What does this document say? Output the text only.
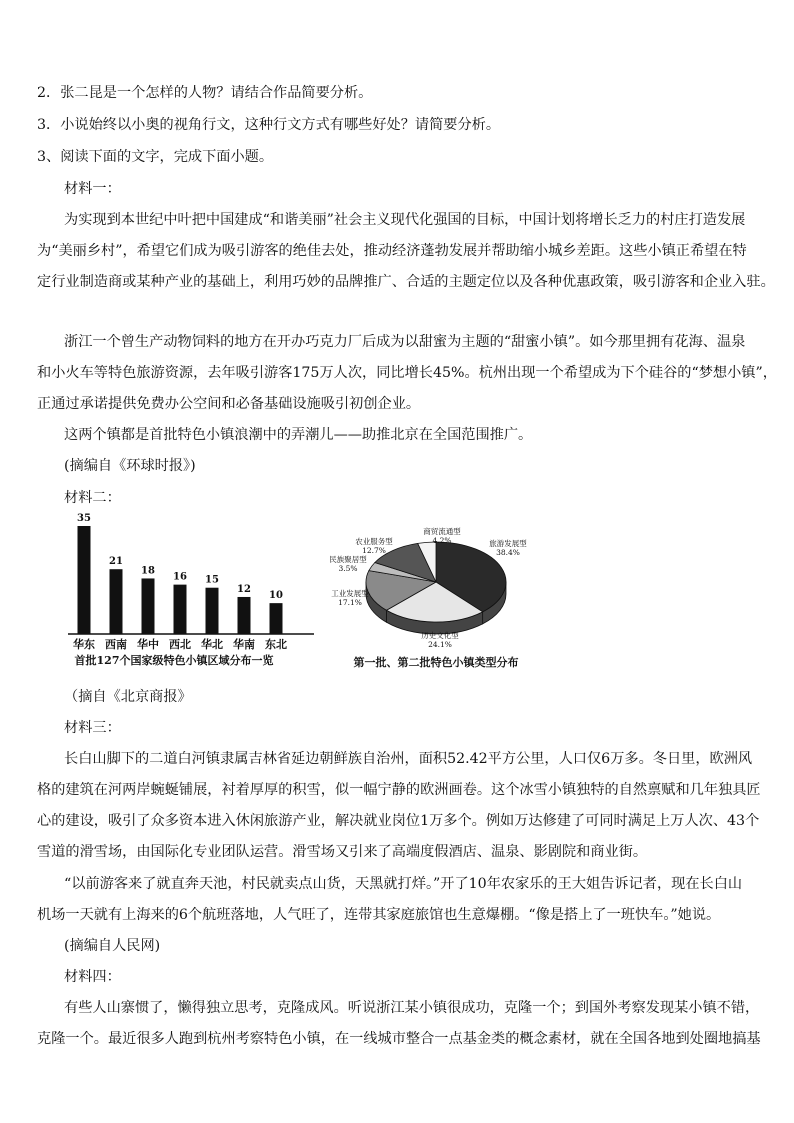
2．张二昆是一个怎样的人物？请结合作品简要分析。
3．小说始终以小奥的视角行文，这种行文方式有哪些好处？请简要分析。
3、阅读下面的文字，完成下面小题。
材料一：
为实现到本世纪中叶把中国建成“和谐美丽”社会主义现代化强国的目标，中国计划将增长乏力的村庄打造发展
为“美丽乡村”，希望它们成为吸引游客的绝佳去处，推动经济蓬勃发展并帮助缩小城乡差距。这些小镇正希望在特
定行业制造商或某种产业的基础上，利用巧妙的品牌推广、合适的主题定位以及各种优惠政策，吸引游客和企业入驻。
浙江一个曾生产动物饲料的地方在开办巧克力厂后成为以甜蜜为主题的“甜蜜小镇”。如今那里拥有花海、温泉
和小火车等特色旅游资源，去年吸引游客175万人次，同比增长45%。杭州出现一个希望成为下个硅谷的“梦想小镇”，
正通过承诺提供免费办公空间和必备基础设施吸引初创企业。
这两个镇都是首批特色小镇浪潮中的弄潮儿——助推北京在全国范围推广。
(摘编自《环球时报》)
材料二：
35
华东
21
西南
18
华中
16
西北
15
华北
12
华南
10
东北
首批127个国家级特色小镇区域分布一览
旅游发展型
38.4%
历史文化型
24.1%
工业发展型
17.1%
民族聚居型
3.5%
农业服务型
12.7%
商贸流通型
4.2%
第一批、第二批特色小镇类型分布
（摘自《北京商报》
材料三：
长白山脚下的二道白河镇隶属吉林省延边朝鲜族自治州，面积52.42平方公里，人口仅6万多。冬日里，欧洲风
格的建筑在河两岸蜿蜒铺展，衬着厚厚的积雪，似一幅宁静的欧洲画卷。这个冰雪小镇独特的自然禀赋和几年独具匠
心的建设，吸引了众多资本进入休闲旅游产业，解决就业岗位1万多个。例如万达修建了可同时满足上万人次、43个
雪道的滑雪场，由国际化专业团队运营。滑雪场又引来了高端度假酒店、温泉、影剧院和商业街。
“以前游客来了就直奔天池，村民就卖点山货，天黑就打烊。”开了10年农家乐的王大姐告诉记者，现在长白山
机场一天就有上海来的6个航班落地，人气旺了，连带其家庭旅馆也生意爆棚。“像是搭上了一班快车。”她说。
(摘编自人民网)
材料四：
有些人山寨惯了，懒得独立思考，克隆成风。听说浙江某小镇很成功，克隆一个；到国外考察发现某小镇不错，
克隆一个。最近很多人跑到杭州考察特色小镇，在一线城市整合一点基金类的概念素材，就在全国各地到处圈地搞基
